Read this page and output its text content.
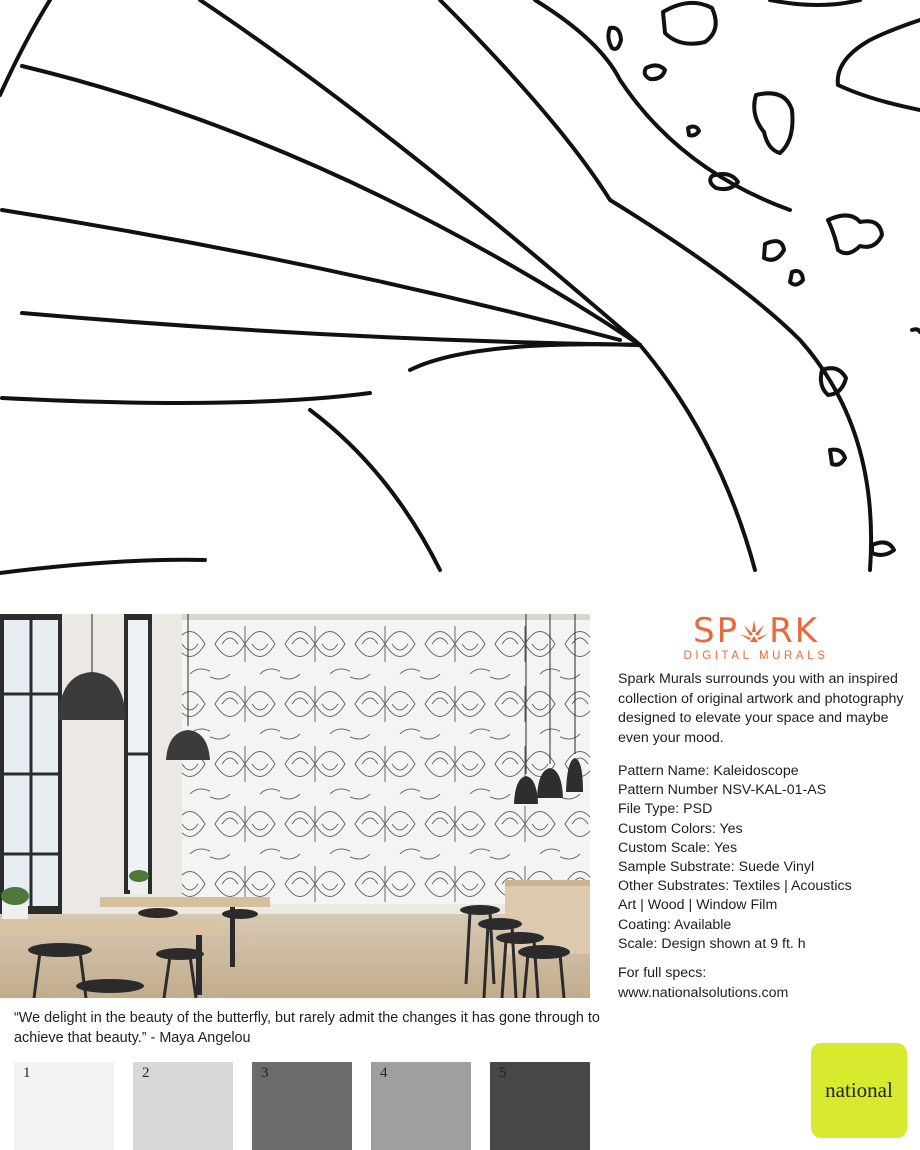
SP RK
DIGITAL MURALS
Spark Murals surrounds you with an inspired collection of original artwork and photography designed to elevate your space and maybe even your mood.
Pattern Name: Kaleidoscope
Pattern Number NSV-KAL-01-AS
File Type: PSD
Custom Colors: Yes
Custom Scale: Yes
Sample Substrate: Suede Vinyl
Other Substrates: Textiles | Acoustics
Art | Wood | Window Film
Coating: Available
Scale: Design shown at 9 ft. h
For full specs:
www.nationalsolutions.com
“We delight in the beauty of the butterfly, but rarely admit the changes it has gone through to achieve that beauty.” - Maya Angelou
1	2	3	4	5
national
